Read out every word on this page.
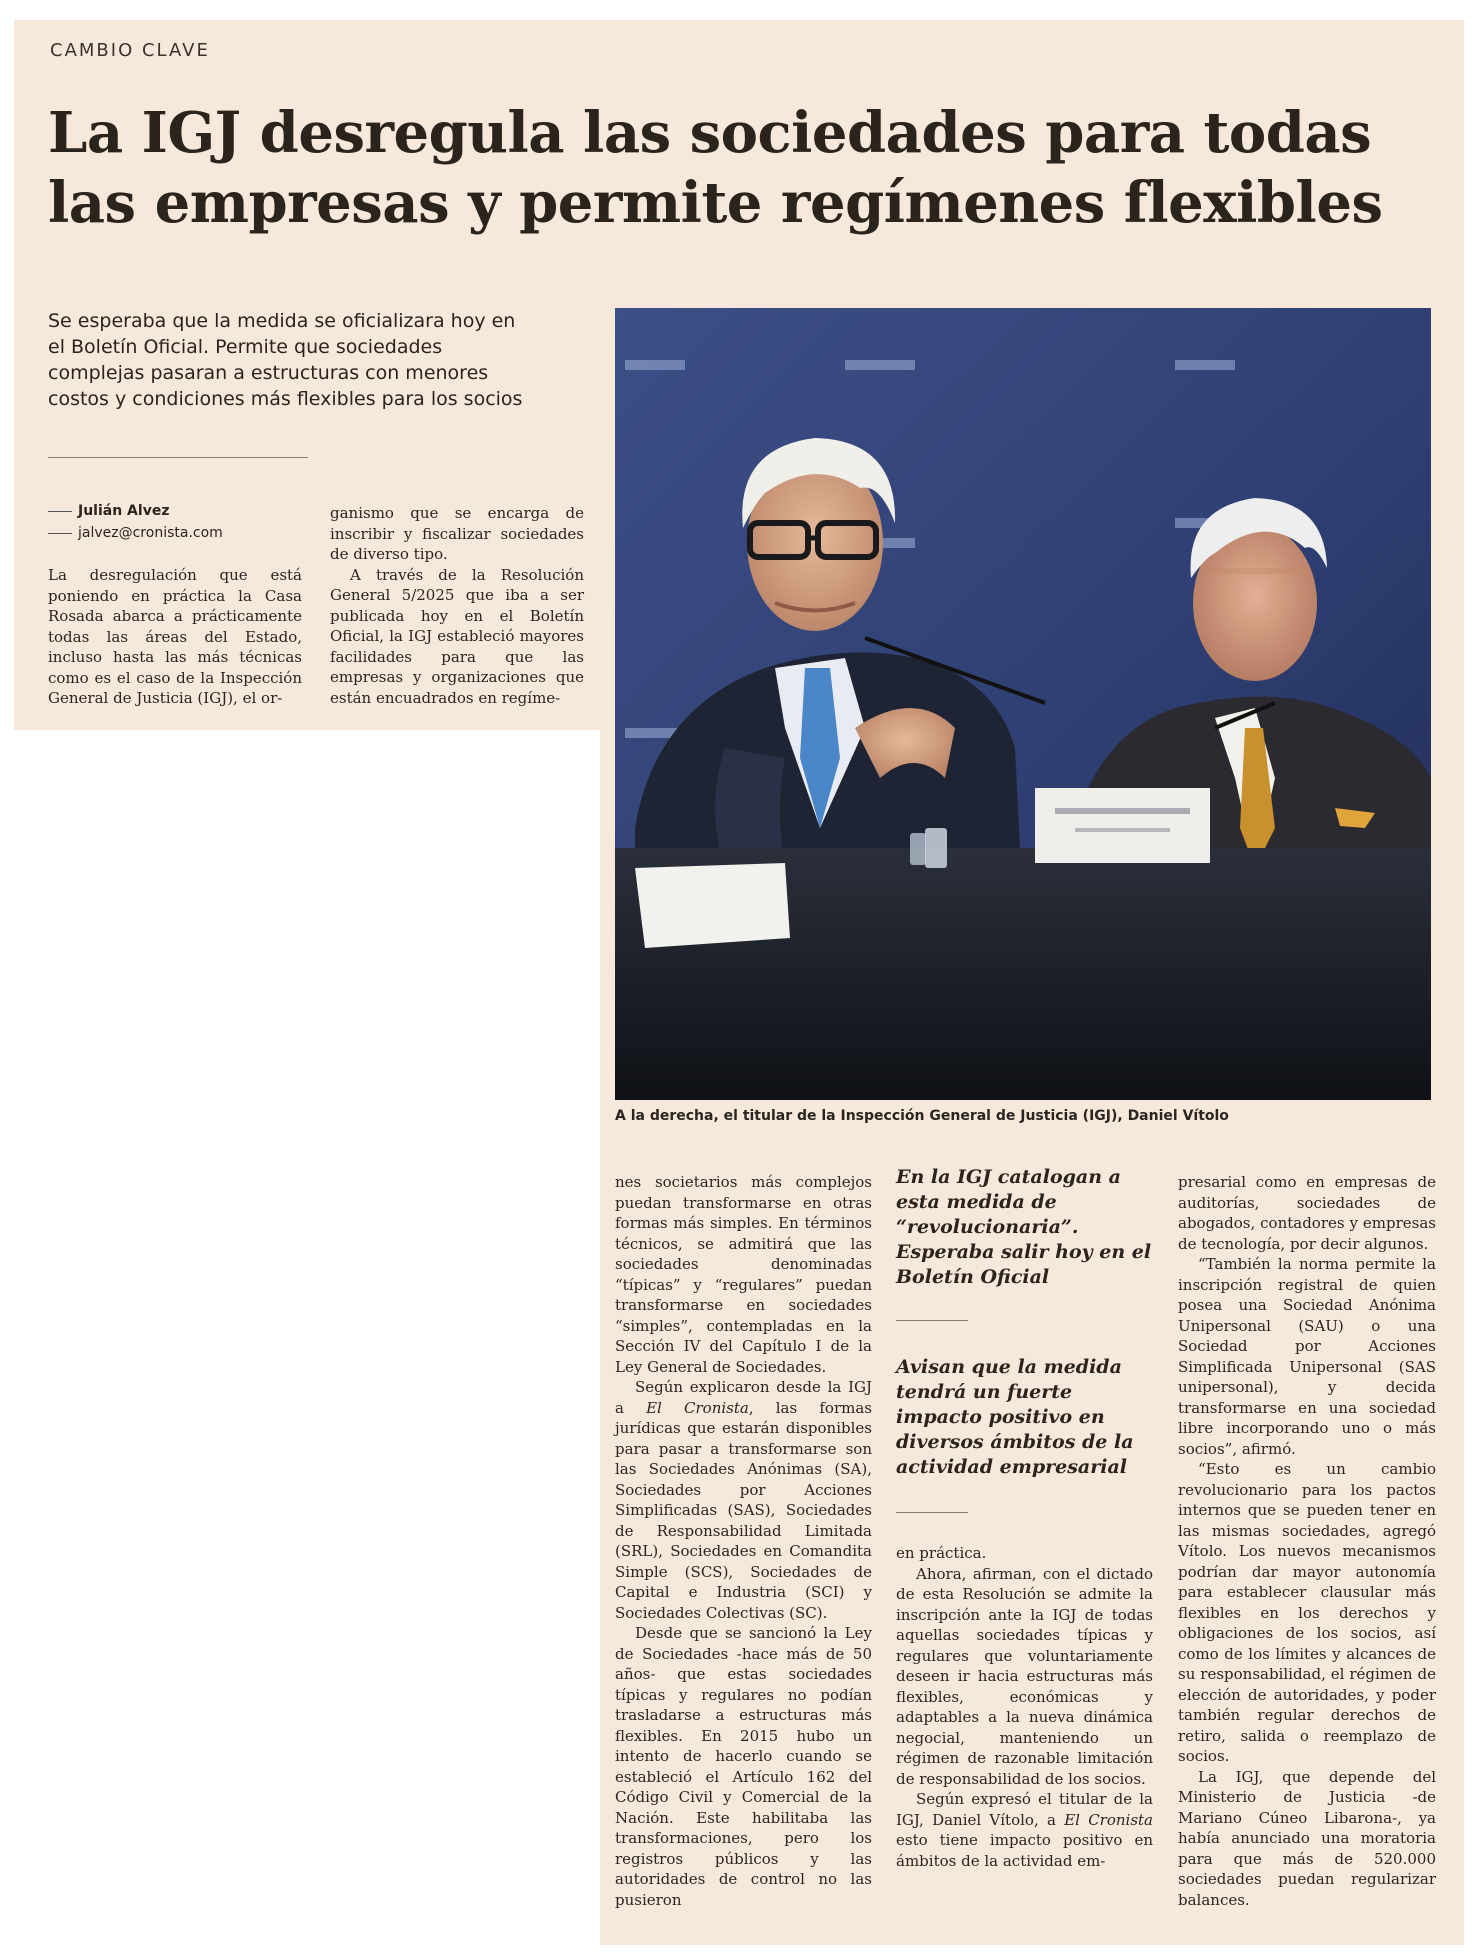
CAMBIO CLAVE
La IGJ desregula las sociedades para todas
las empresas y permite regímenes flexibles
Se esperaba que la medida se oficializara hoy en
el Boletín Oficial. Permite que sociedades
complejas pasaran a estructuras con menores
costos y condiciones más flexibles para los socios
Julián Alvez
jalvez@cronista.com

La desregulación que está poniendo en práctica la Casa Rosada abarca a prácticamente todas las áreas del Estado, incluso hasta las más técnicas como es el caso de la Inspección General de Justicia (IGJ), el or-

ganismo que se encarga de inscribir y fiscalizar sociedades de diverso tipo.

A través de la Resolución General 5/2025 que iba a ser publicada hoy en el Boletín Oficial, la IGJ estableció mayores facilidades para que las empresas y organizaciones que están encuadrados en regíme-

A la derecha, el titular de la Inspección General de Justicia (IGJ), Daniel Vítolo

nes societarios más complejos puedan transformarse en otras formas más simples. En términos técnicos, se admitirá que las sociedades denominadas “típicas” y “regulares” puedan transformarse en sociedades “simples”, contempladas en la Sección IV del Capítulo I de la Ley General de Sociedades.

Según explicaron desde la IGJ a El Cronista, las formas jurídicas que estarán disponibles para pasar a transformarse son las Sociedades Anónimas (SA), Sociedades por Acciones Simplificadas (SAS), Sociedades de Responsabilidad Limitada (SRL), Sociedades en Comandita Simple (SCS), Sociedades de Capital e Industria (SCI) y Sociedades Colectivas (SC).

Desde que se sancionó la Ley de Sociedades -hace más de 50 años- que estas sociedades típicas y regulares no podían trasladarse a estructuras más flexibles. En 2015 hubo un intento de hacerlo cuando se estableció el Artículo 162 del Código Civil y Comercial de la Nación. Este habilitaba las transformaciones, pero los registros públicos y las autoridades de control no las pusieron

En la IGJ catalogan a
esta medida de
“revolucionaria”.
Esperaba salir hoy en el
Boletín Oficial
Avisan que la medida
tendrá un fuerte
impacto positivo en
diversos ámbitos de la
actividad empresarial

en práctica.

Ahora, afirman, con el dictado de esta Resolución se admite la inscripción ante la IGJ de todas aquellas sociedades típicas y regulares que voluntariamente deseen ir hacia estructuras más flexibles, económicas y adaptables a la nueva dinámica negocial, manteniendo un régimen de razonable limitación de responsabilidad de los socios.

Según expresó el titular de la IGJ, Daniel Vítolo, a El Cronista esto tiene impacto positivo en ámbitos de la actividad em-

presarial como en empresas de auditorías, sociedades de abogados, contadores y empresas de tecnología, por decir algunos.

“También la norma permite la inscripción registral de quien posea una Sociedad Anónima Unipersonal (SAU) o una Sociedad por Acciones Simplificada Unipersonal (SAS unipersonal), y decida transformarse en una sociedad libre incorporando uno o más socios”, afirmó.

“Esto es un cambio revolucionario para los pactos internos que se pueden tener en las mismas sociedades, agregó Vítolo. Los nuevos mecanismos podrían dar mayor autonomía para establecer clausular más flexibles en los derechos y obligaciones de los socios, así como de los límites y alcances de su responsabilidad, el régimen de elección de autoridades, y poder también regular derechos de retiro, salida o reemplazo de socios.

La IGJ, que depende del Ministerio de Justicia -de Mariano Cúneo Libarona-, ya había anunciado una moratoria para que más de 520.000 sociedades puedan regularizar balances.
